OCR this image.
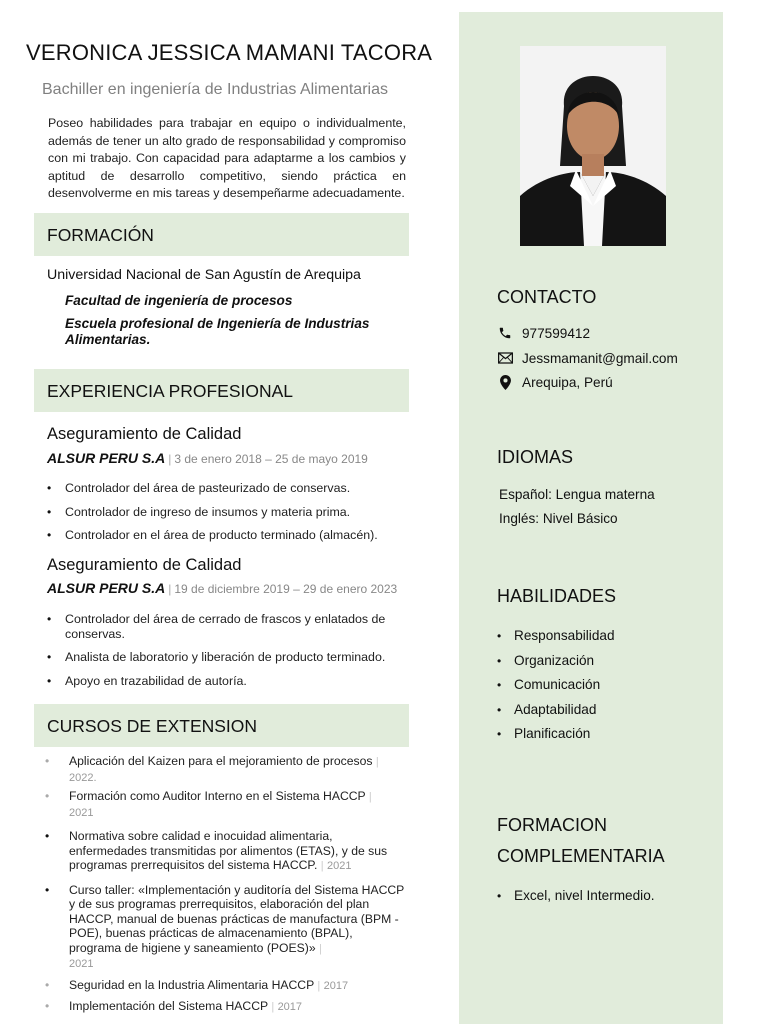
VERONICA JESSICA MAMANI TACORA
Bachiller en ingeniería de Industrias Alimentarias

Poseo habilidades para trabajar en equipo o individualmente, además de tener un alto grado de responsabilidad y compromiso con mi trabajo. Con capacidad para adaptarme a los cambios y aptitud de desarrollo competitivo, siendo práctica en desenvolverme en mis tareas y desempeñarme adecuadamente.

FORMACIÓN
Universidad Nacional de San Agustín de Arequipa
Facultad de ingeniería de procesos
Escuela profesional de Ingeniería de Industrias Alimentarias.
EXPERIENCIA PROFESIONAL
Aseguramiento de Calidad
ALSUR PERU S.A | 3 de enero 2018 – 25 de mayo 2019
• Controlador del área de pasteurizado de conservas.
• Controlador de ingreso de insumos y materia prima.
• Controlador en el área de producto terminado (almacén).
Aseguramiento de Calidad
ALSUR PERU S.A | 19 de diciembre 2019 – 29 de enero 2023
• Controlador del área de cerrado de frascos y enlatados de conservas.
• Analista de laboratorio y liberación de producto terminado.
• Apoyo en trazabilidad de autoría.
CURSOS DE EXTENSION
• Aplicación del Kaizen para el mejoramiento de procesos |
2022.
• Formación como Auditor Interno en el Sistema HACCP |
2021
• Normativa sobre calidad e inocuidad alimentaria, enfermedades transmitidas por alimentos (ETAS), y de sus programas prerrequisitos del sistema HACCP. | 2021
• Curso taller: «Implementación y auditoría del Sistema HACCP y de sus programas prerrequisitos, elaboración del plan HACCP, manual de buenas prácticas de manufactura (BPM - POE), buenas prácticas de almacenamiento (BPAL), programa de higiene y saneamiento (POES)» |
2021
• Seguridad en la Industria Alimentaria HACCP | 2017
• Implementación del Sistema HACCP | 2017
CONTACTO
977599412
Jessmamanit@gmail.com
Arequipa, Perú
IDIOMAS
Español: Lengua materna
Inglés: Nivel Básico
HABILIDADES
• Responsabilidad
• Organización
• Comunicación
• Adaptabilidad
• Planificación
FORMACION
COMPLEMENTARIA
• Excel, nivel Intermedio.
